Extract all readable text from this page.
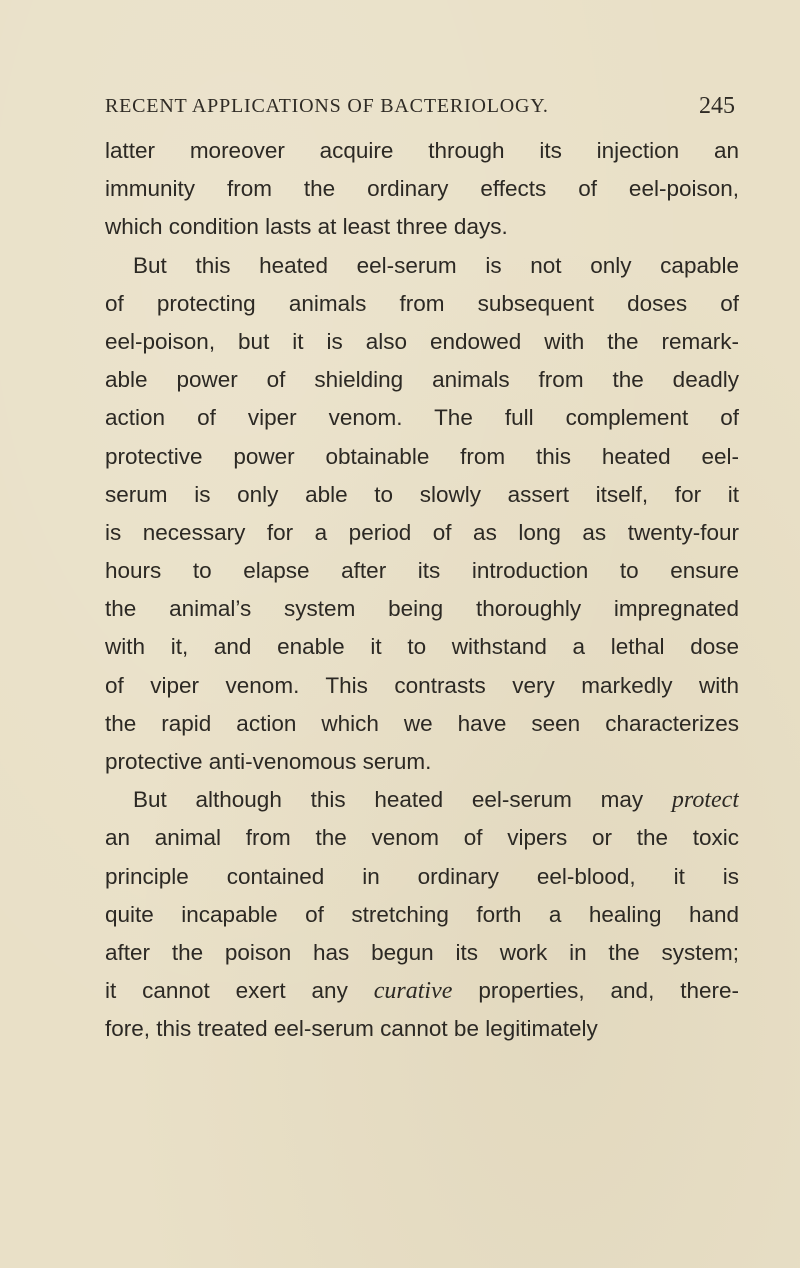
RECENT APPLICATIONS OF BACTERIOLOGY.	245
latter moreover acquire through its injection an
immunity from the ordinary effects of eel-poison,
which condition lasts at least three days.
But this heated eel-serum is not only capable
of protecting animals from subsequent doses of
eel-poison, but it is also endowed with the remark-
able power of shielding animals from the deadly
action of viper venom. The full complement of
protective power obtainable from this heated eel-
serum is only able to slowly assert itself, for it
is necessary for a period of as long as twenty-four
hours to elapse after its introduction to ensure
the animal’s system being thoroughly impregnated
with it, and enable it to withstand a lethal dose
of viper venom. This contrasts very markedly with
the rapid action which we have seen characterizes
protective anti-venomous serum.
But although this heated eel-serum may protect
an animal from the venom of vipers or the toxic
principle contained in ordinary eel-blood, it is
quite incapable of stretching forth a healing hand
after the poison has begun its work in the system;
it cannot exert any curative properties, and, there-
fore, this treated eel-serum cannot be legitimately
